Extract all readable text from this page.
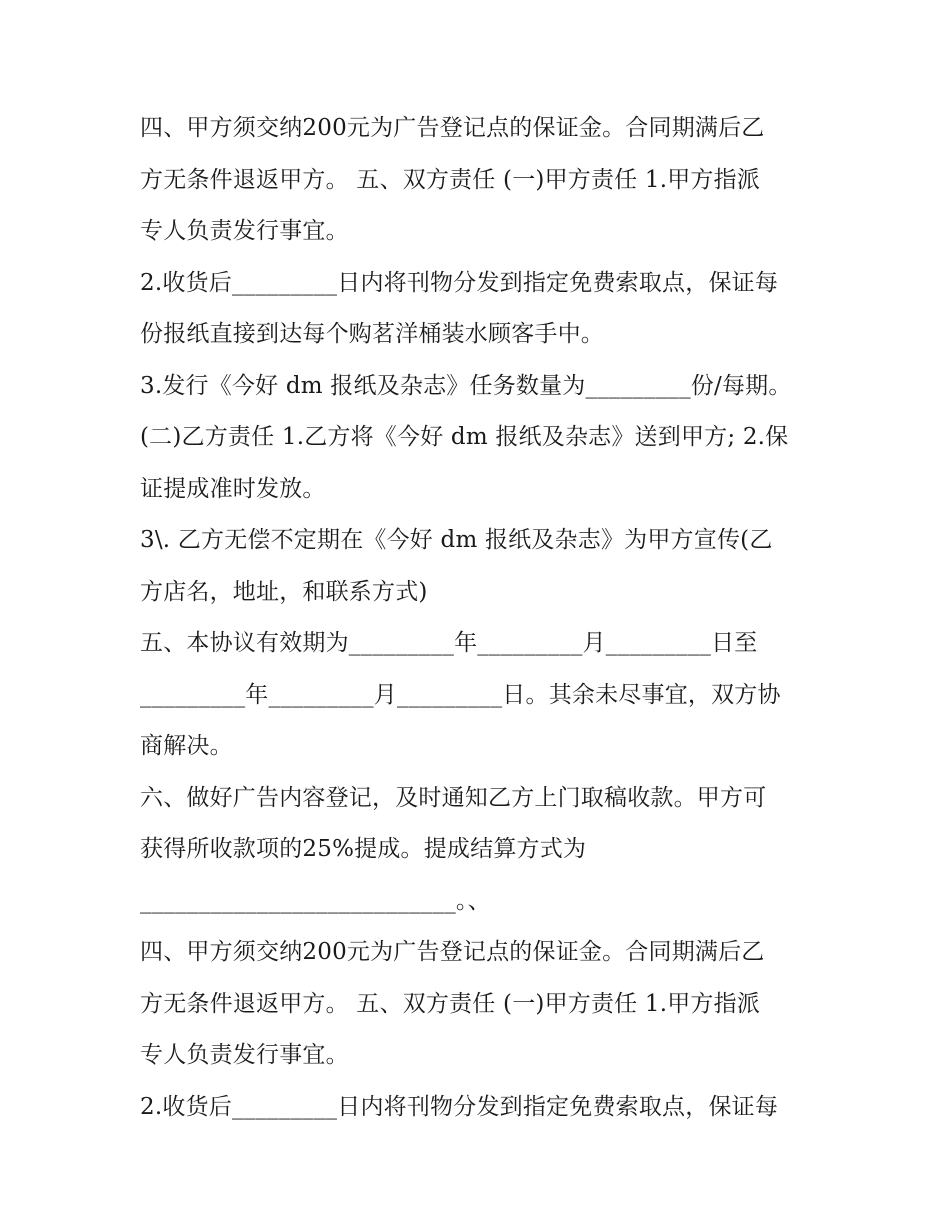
四、甲方须交纳200元为广告登记点的保证金。合同期满后乙
方无条件退返甲方。 五、双方责任 (一)甲方责任 1.甲方指派
专人负责发行事宜。
2.收货后_________日内将刊物分发到指定免费索取点，保证每
份报纸直接到达每个购茗洋桶装水顾客手中。
3.发行《今好 dm 报纸及杂志》任务数量为_________份/每期。
(二)乙方责任 1.乙方将《今好 dm 报纸及杂志》送到甲方; 2.保
证提成准时发放。
3\. 乙方无偿不定期在《今好 dm 报纸及杂志》为甲方宣传(乙
方店名，地址，和联系方式)
五、本协议有效期为_________年_________月_________日至
_________年_________月_________日。其余未尽事宜，双方协
商解决。
六、做好广告内容登记，及时通知乙方上门取稿收款。甲方可
获得所收款项的25%提成。提成结算方式为
___________________________。、
四、甲方须交纳200元为广告登记点的保证金。合同期满后乙
方无条件退返甲方。 五、双方责任 (一)甲方责任 1.甲方指派
专人负责发行事宜。
2.收货后_________日内将刊物分发到指定免费索取点，保证每
